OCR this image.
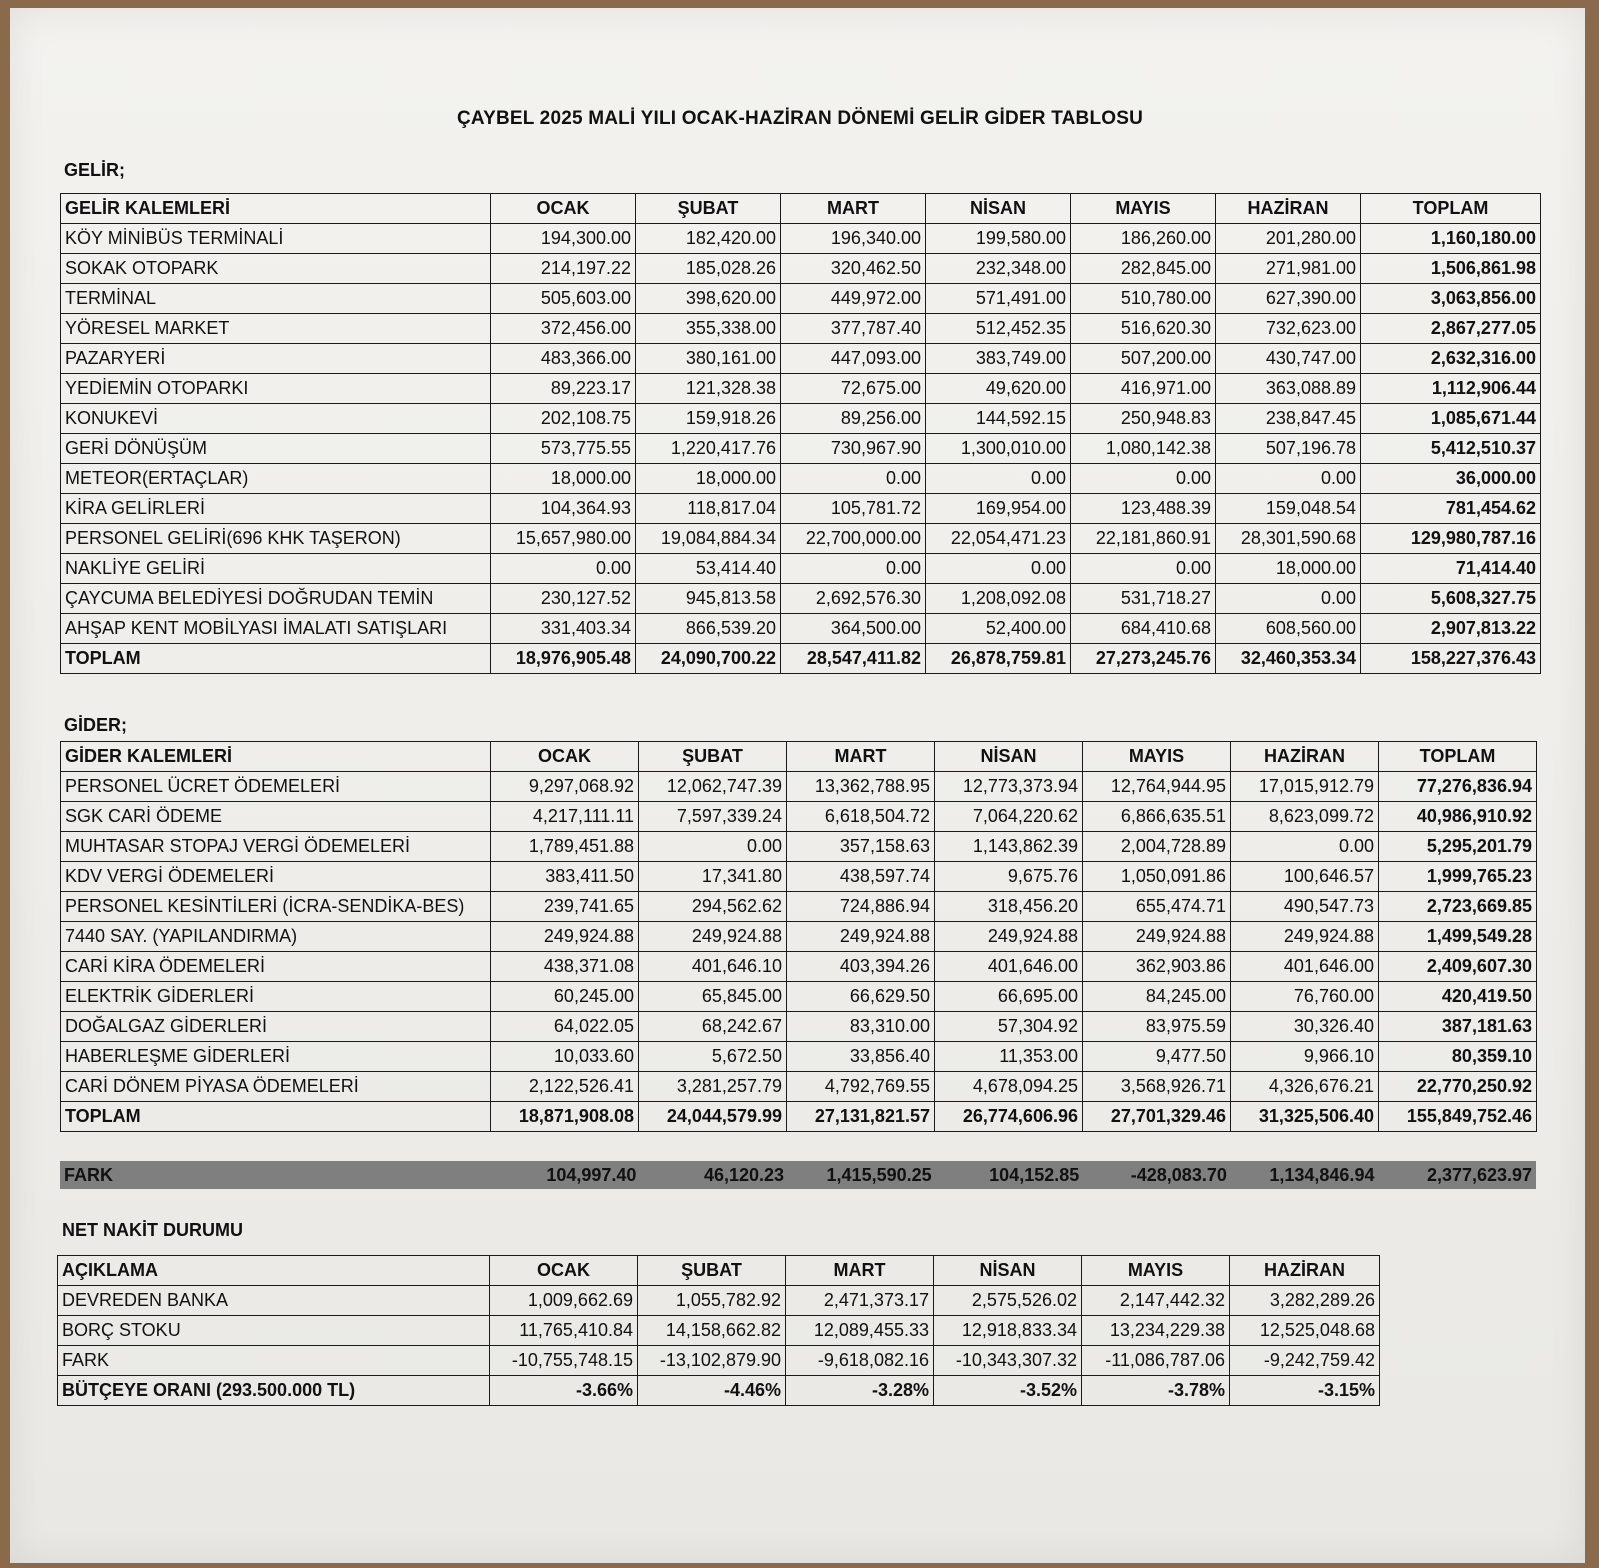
ÇAYBEL 2025 MALİ YILI OCAK-HAZİRAN DÖNEMİ GELİR GİDER TABLOSU
GELİR;
GELİR KALEMLERİ	OCAK	ŞUBAT	MART	NİSAN	MAYIS	HAZİRAN	TOPLAM
KÖY MİNİBÜS TERMİNALİ	194,300.00	182,420.00	196,340.00	199,580.00	186,260.00	201,280.00	1,160,180.00
SOKAK OTOPARK	214,197.22	185,028.26	320,462.50	232,348.00	282,845.00	271,981.00	1,506,861.98
TERMİNAL	505,603.00	398,620.00	449,972.00	571,491.00	510,780.00	627,390.00	3,063,856.00
YÖRESEL MARKET	372,456.00	355,338.00	377,787.40	512,452.35	516,620.30	732,623.00	2,867,277.05
PAZARYERİ	483,366.00	380,161.00	447,093.00	383,749.00	507,200.00	430,747.00	2,632,316.00
YEDİEMİN OTOPARKI	89,223.17	121,328.38	72,675.00	49,620.00	416,971.00	363,088.89	1,112,906.44
KONUKEVİ	202,108.75	159,918.26	89,256.00	144,592.15	250,948.83	238,847.45	1,085,671.44
GERİ DÖNÜŞÜM	573,775.55	1,220,417.76	730,967.90	1,300,010.00	1,080,142.38	507,196.78	5,412,510.37
METEOR(ERTAÇLAR)	18,000.00	18,000.00	0.00	0.00	0.00	0.00	36,000.00
KİRA GELİRLERİ	104,364.93	118,817.04	105,781.72	169,954.00	123,488.39	159,048.54	781,454.62
PERSONEL GELİRİ(696 KHK TAŞERON)	15,657,980.00	19,084,884.34	22,700,000.00	22,054,471.23	22,181,860.91	28,301,590.68	129,980,787.16
NAKLİYE GELİRİ	0.00	53,414.40	0.00	0.00	0.00	18,000.00	71,414.40
ÇAYCUMA BELEDİYESİ DOĞRUDAN TEMİN	230,127.52	945,813.58	2,692,576.30	1,208,092.08	531,718.27	0.00	5,608,327.75
AHŞAP KENT MOBİLYASI İMALATI SATIŞLARI	331,403.34	866,539.20	364,500.00	52,400.00	684,410.68	608,560.00	2,907,813.22
TOPLAM	18,976,905.48	24,090,700.22	28,547,411.82	26,878,759.81	27,273,245.76	32,460,353.34	158,227,376.43
GİDER;
GİDER KALEMLERİ	OCAK	ŞUBAT	MART	NİSAN	MAYIS	HAZİRAN	TOPLAM
PERSONEL ÜCRET ÖDEMELERİ	9,297,068.92	12,062,747.39	13,362,788.95	12,773,373.94	12,764,944.95	17,015,912.79	77,276,836.94
SGK CARİ ÖDEME	4,217,111.11	7,597,339.24	6,618,504.72	7,064,220.62	6,866,635.51	8,623,099.72	40,986,910.92
MUHTASAR STOPAJ VERGİ ÖDEMELERİ	1,789,451.88	0.00	357,158.63	1,143,862.39	2,004,728.89	0.00	5,295,201.79
KDV VERGİ ÖDEMELERİ	383,411.50	17,341.80	438,597.74	9,675.76	1,050,091.86	100,646.57	1,999,765.23
PERSONEL KESİNTİLERİ (İCRA-SENDİKA-BES)	239,741.65	294,562.62	724,886.94	318,456.20	655,474.71	490,547.73	2,723,669.85
7440 SAY. (YAPILANDIRMA)	249,924.88	249,924.88	249,924.88	249,924.88	249,924.88	249,924.88	1,499,549.28
CARİ KİRA ÖDEMELERİ	438,371.08	401,646.10	403,394.26	401,646.00	362,903.86	401,646.00	2,409,607.30
ELEKTRİK GİDERLERİ	60,245.00	65,845.00	66,629.50	66,695.00	84,245.00	76,760.00	420,419.50
DOĞALGAZ GİDERLERİ	64,022.05	68,242.67	83,310.00	57,304.92	83,975.59	30,326.40	387,181.63
HABERLEŞME GİDERLERİ	10,033.60	5,672.50	33,856.40	11,353.00	9,477.50	9,966.10	80,359.10
CARİ DÖNEM PİYASA ÖDEMELERİ	2,122,526.41	3,281,257.79	4,792,769.55	4,678,094.25	3,568,926.71	4,326,676.21	22,770,250.92
TOPLAM	18,871,908.08	24,044,579.99	27,131,821.57	26,774,606.96	27,701,329.46	31,325,506.40	155,849,752.46
FARK	104,997.40	46,120.23	1,415,590.25	104,152.85	-428,083.70	1,134,846.94	2,377,623.97
NET NAKİT DURUMU
AÇIKLAMA	OCAK	ŞUBAT	MART	NİSAN	MAYIS	HAZİRAN
DEVREDEN BANKA	1,009,662.69	1,055,782.92	2,471,373.17	2,575,526.02	2,147,442.32	3,282,289.26
BORÇ STOKU	11,765,410.84	14,158,662.82	12,089,455.33	12,918,833.34	13,234,229.38	12,525,048.68
FARK	-10,755,748.15	-13,102,879.90	-9,618,082.16	-10,343,307.32	-11,086,787.06	-9,242,759.42
BÜTÇEYE ORANI (293.500.000 TL)	-3.66%	-4.46%	-3.28%	-3.52%	-3.78%	-3.15%
